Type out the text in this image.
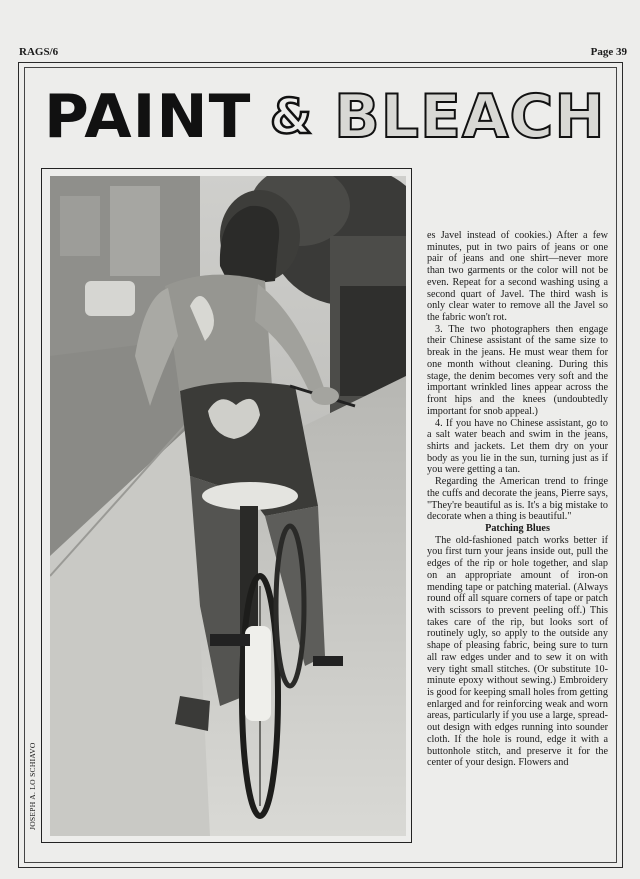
RAGS/6	Page 39
PAINT & BLEACH
JOSEPH A. LO SCHIAVO

es Javel instead of cookies.) After a few minutes, put in two pairs of jeans or one pair of jeans and one shirt—never more than two garments or the color will not be even. Repeat for a second washing using a second quart of Javel. The third wash is only clear water to remove all the Javel so the fabric won't rot.

3. The two photographers then engage their Chinese assistant of the same size to break in the jeans. He must wear them for one month without cleaning. During this stage, the denim becomes very soft and the important wrinkled lines appear across the front hips and the knees (undoubtedly important for snob appeal.)

4. If you have no Chinese assistant, go to a salt water beach and swim in the jeans, shirts and jackets. Let them dry on your body as you lie in the sun, turning just as if you were getting a tan.

Regarding the American trend to fringe the cuffs and decorate the jeans, Pierre says, "They're beautiful as is. It's a big mistake to decorate when a thing is beautiful."

Patching Blues

The old-fashioned patch works better if you first turn your jeans inside out, pull the edges of the rip or hole together, and slap on an appropriate amount of iron-on mending tape or patching material. (Always round off all square corners of tape or patch with scissors to prevent peeling off.) This takes care of the rip, but looks sort of routinely ugly, so apply to the outside any shape of pleasing fabric, being sure to turn all raw edges under and to sew it on with very tight small stitches. (Or substitute 10-minute epoxy without sewing.) Embroidery is good for keeping small holes from getting enlarged and for reinforcing weak and worn areas, particularly if you use a large, spread-out design with edges running into sounder cloth. If the hole is round, edge it with a buttonhole stitch, and preserve it for the center of your design. Flowers and
